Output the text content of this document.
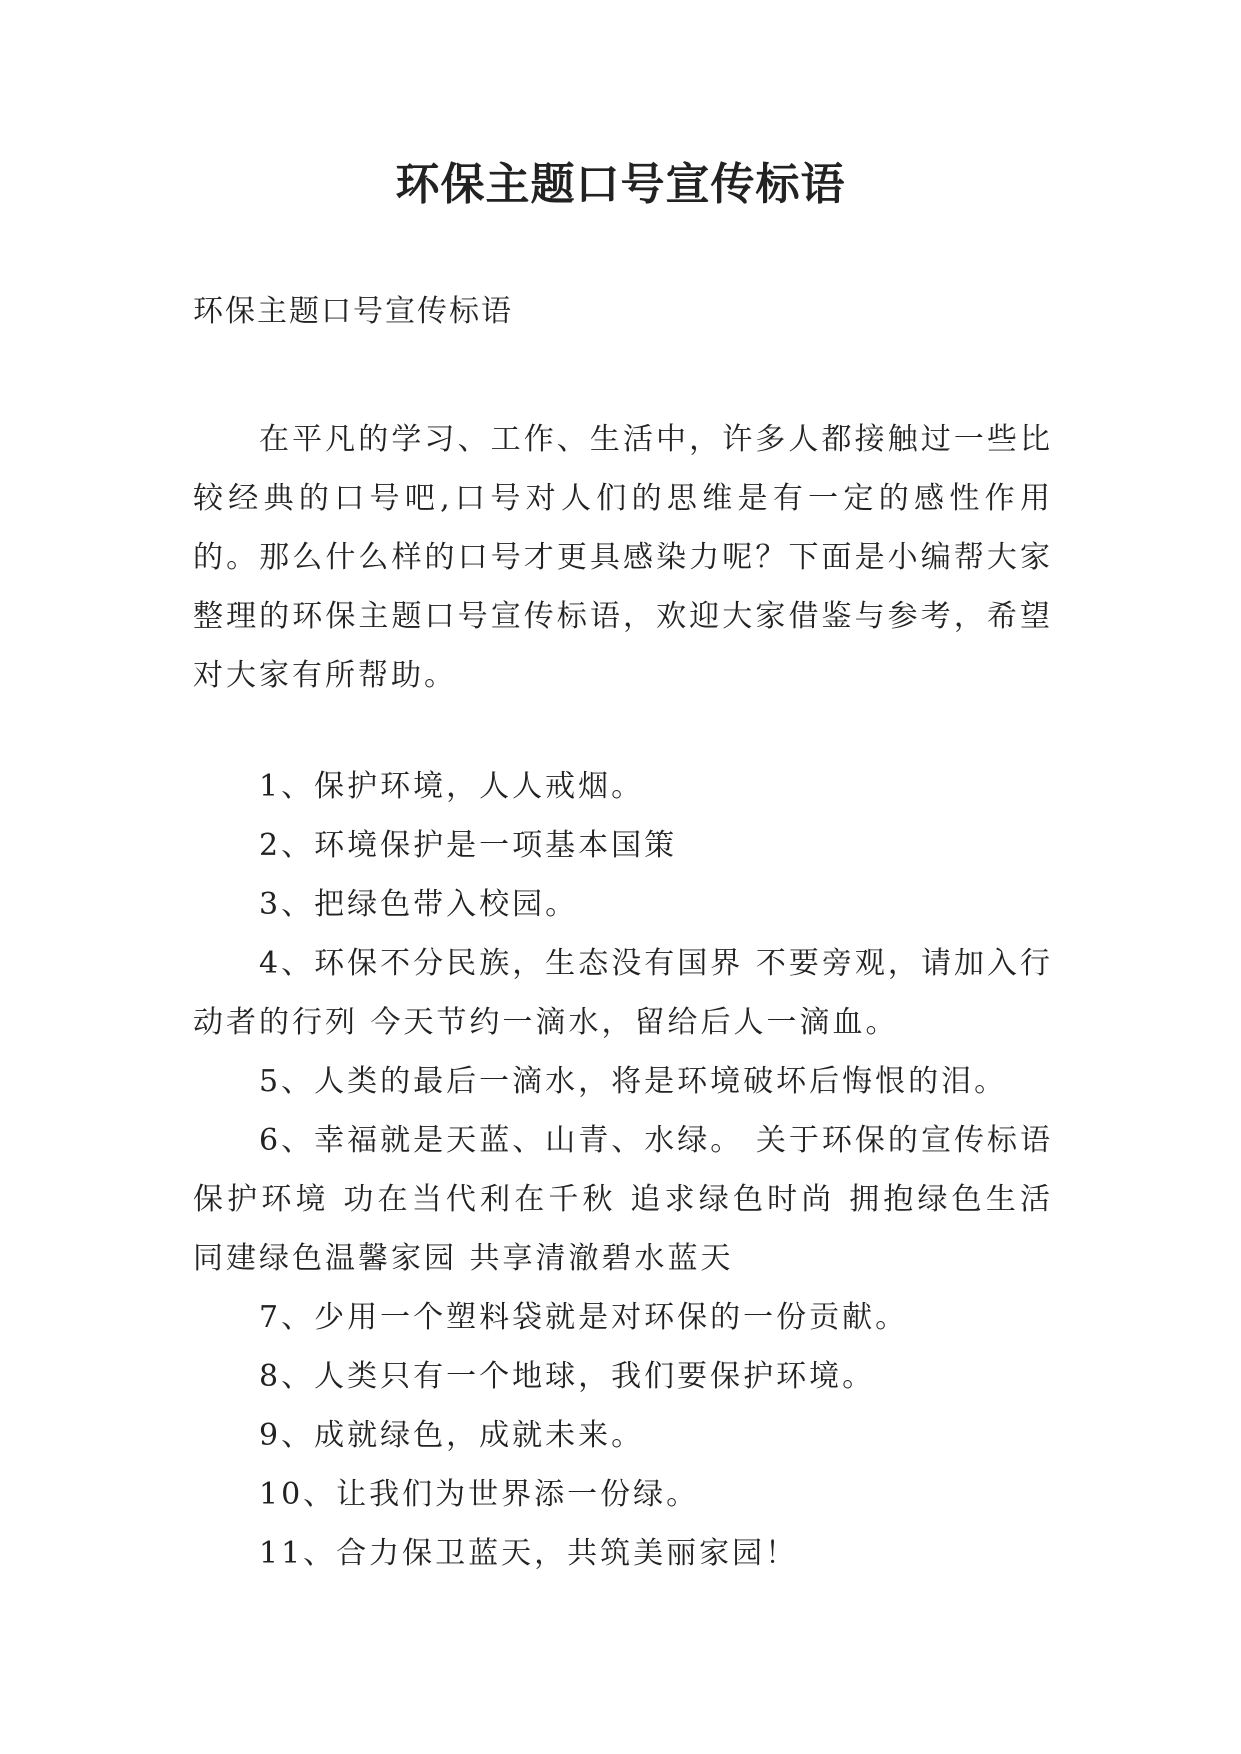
环保主题口号宣传标语

环保主题口号宣传标语

在平凡的学习、工作、生活中，许多人都接触过一些比较经典的口号吧,口号对人们的思维是有一定的感性作用的。那么什么样的口号才更具感染力呢？下面是小编帮大家整理的环保主题口号宣传标语，欢迎大家借鉴与参考，希望对大家有所帮助。

1、保护环境，人人戒烟。
2、环境保护是一项基本国策
3、把绿色带入校园。
4、环保不分民族，生态没有国界 不要旁观，请加入行动者的行列 今天节约一滴水，留给后人一滴血。
5、人类的最后一滴水，将是环境破坏后悔恨的泪。
6、幸福就是天蓝、山青、水绿。 关于环保的宣传标语 保护环境 功在当代利在千秋 追求绿色时尚 拥抱绿色生活 同建绿色温馨家园 共享清澈碧水蓝天
7、少用一个塑料袋就是对环保的一份贡献。
8、人类只有一个地球，我们要保护环境。
9、成就绿色，成就未来。
10、让我们为世界添一份绿。
11、合力保卫蓝天，共筑美丽家园！
